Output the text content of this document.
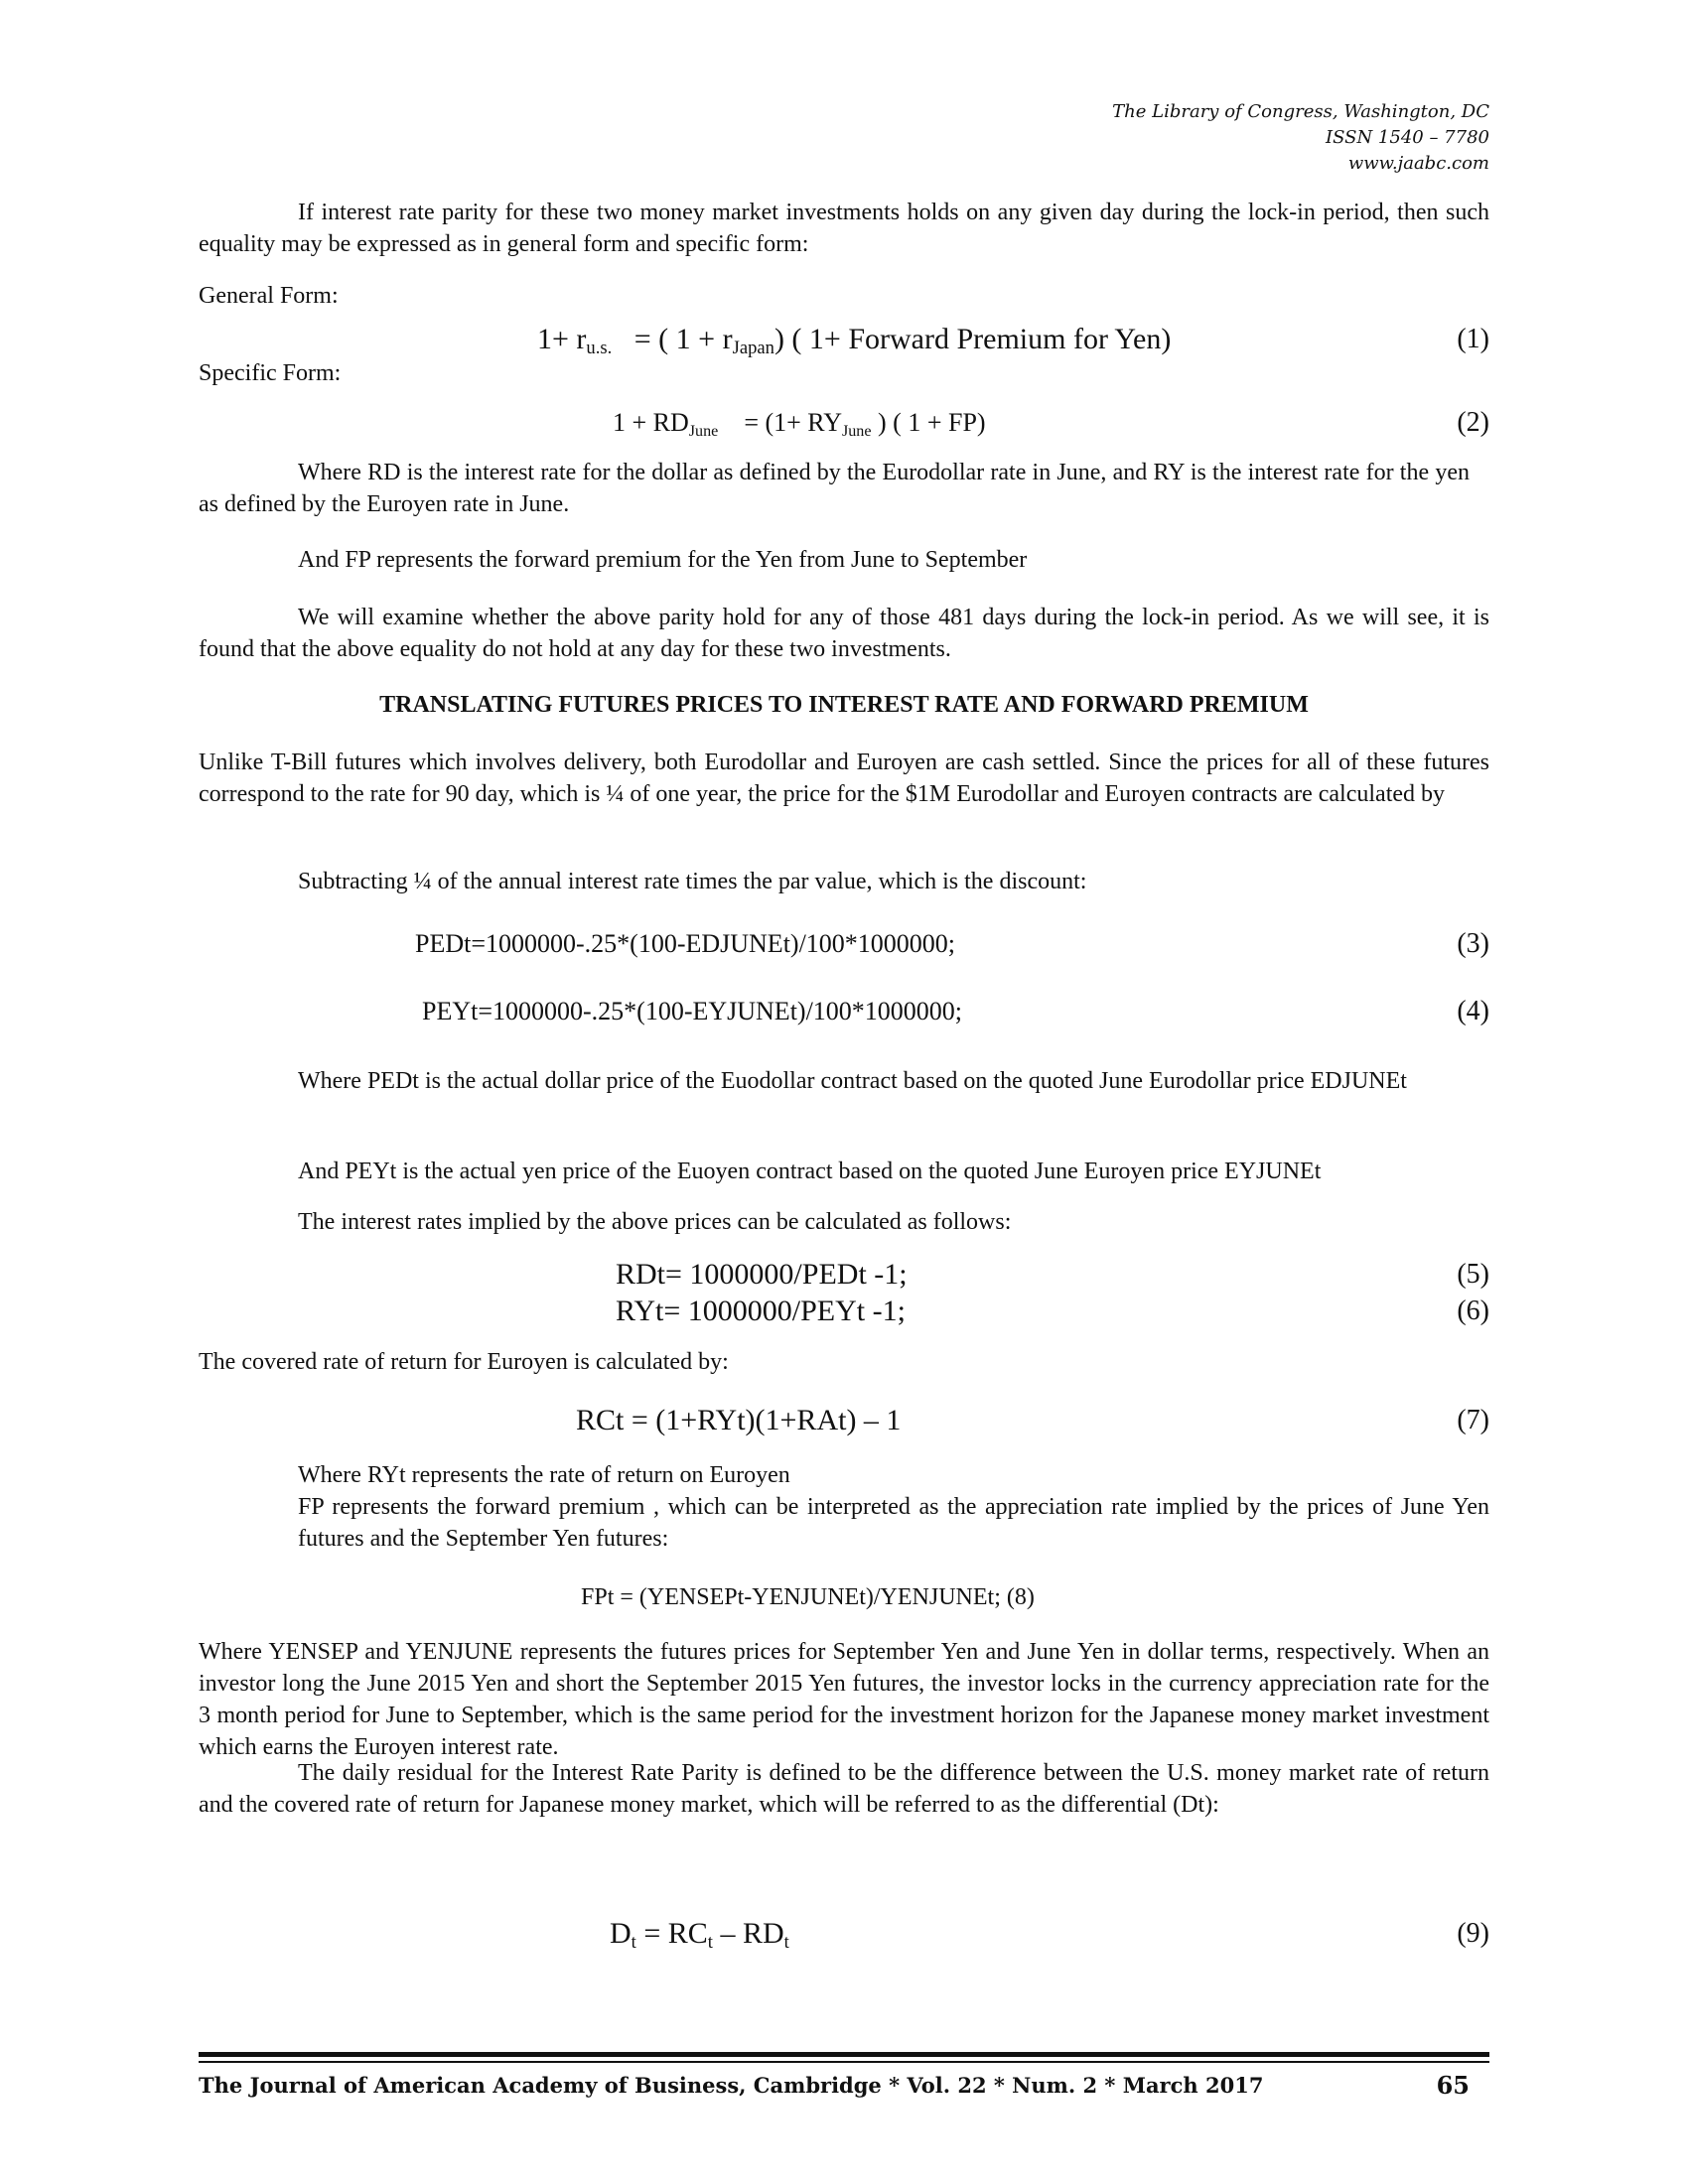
The Library of Congress, Washington, DC
ISSN 1540 – 7780
www.jaabc.com
If interest rate parity for these two money market investments holds on any given day during the lock-in period, then such equality may be expressed as in general form and specific form:
General Form:
$1+ r_{u.s.}$ = ( $1 + r_{Japan}$) ( 1+ Forward Premium for Yen)	(1)
Specific Form:
$1 + RD_{June} = (1+ RY_{June}$ ) ( 1 + FP)	(2)
Where RD is the interest rate for the dollar as defined by the Eurodollar rate in June, and RY is the interest rate for the yen as defined by the Euroyen rate in June.
And FP represents the forward premium for the Yen from June to September
We will examine whether the above parity hold for any of those 481 days during the lock-in period. As we will see, it is found that the above equality do not hold at any day for these two investments.
TRANSLATING FUTURES PRICES TO INTEREST RATE AND FORWARD PREMIUM
Unlike T-Bill futures which involves delivery, both Eurodollar and Euroyen are cash settled. Since the prices for all of these futures correspond to the rate for 90 day, which is ¼ of one year, the price for the $1M Eurodollar and Euroyen contracts are calculated by
Subtracting ¼ of the annual interest rate times the par value, which is the discount:
PEDt=1000000-.25*(100-EDJUNEt)/100*1000000;	(3)
PEYt=1000000-.25*(100-EYJUNEt)/100*1000000;	(4)
Where PEDt is the actual dollar price of the Euodollar contract based on the quoted June Eurodollar price EDJUNEt
And PEYt is the actual yen price of the Euoyen contract based on the quoted June Euroyen price EYJUNEt
The interest rates implied by the above prices can be calculated as follows:
RDt= 1000000/PEDt -1;	(5)
RYt= 1000000/PEYt -1;	(6)
The covered rate of return for Euroyen is calculated by:
RCt = (1+RYt)(1+RAt) – 1	(7)
Where RYt represents the rate of return on Euroyen
FP represents the forward premium , which can be interpreted as the appreciation rate implied by the prices of June Yen futures and the September Yen futures:
FPt = (YENSEPt-YENJUNEt)/YENJUNEt; (8)
Where YENSEP and YENJUNE represents the futures prices for September Yen and June Yen in dollar terms, respectively. When an investor long the June 2015 Yen and short the September 2015 Yen futures, the investor locks in the currency appreciation rate for the 3 month period for June to September, which is the same period for the investment horizon for the Japanese money market investment which earns the Euroyen interest rate.
The daily residual for the Interest Rate Parity is defined to be the difference between the U.S. money market rate of return and the covered rate of return for Japanese money market, which will be referred to as the differential (Dt):
$D_t = RC_t - RD_t$	(9)
The Journal of American Academy of Business, Cambridge * Vol. 22 * Num. 2 * March 2017	65
